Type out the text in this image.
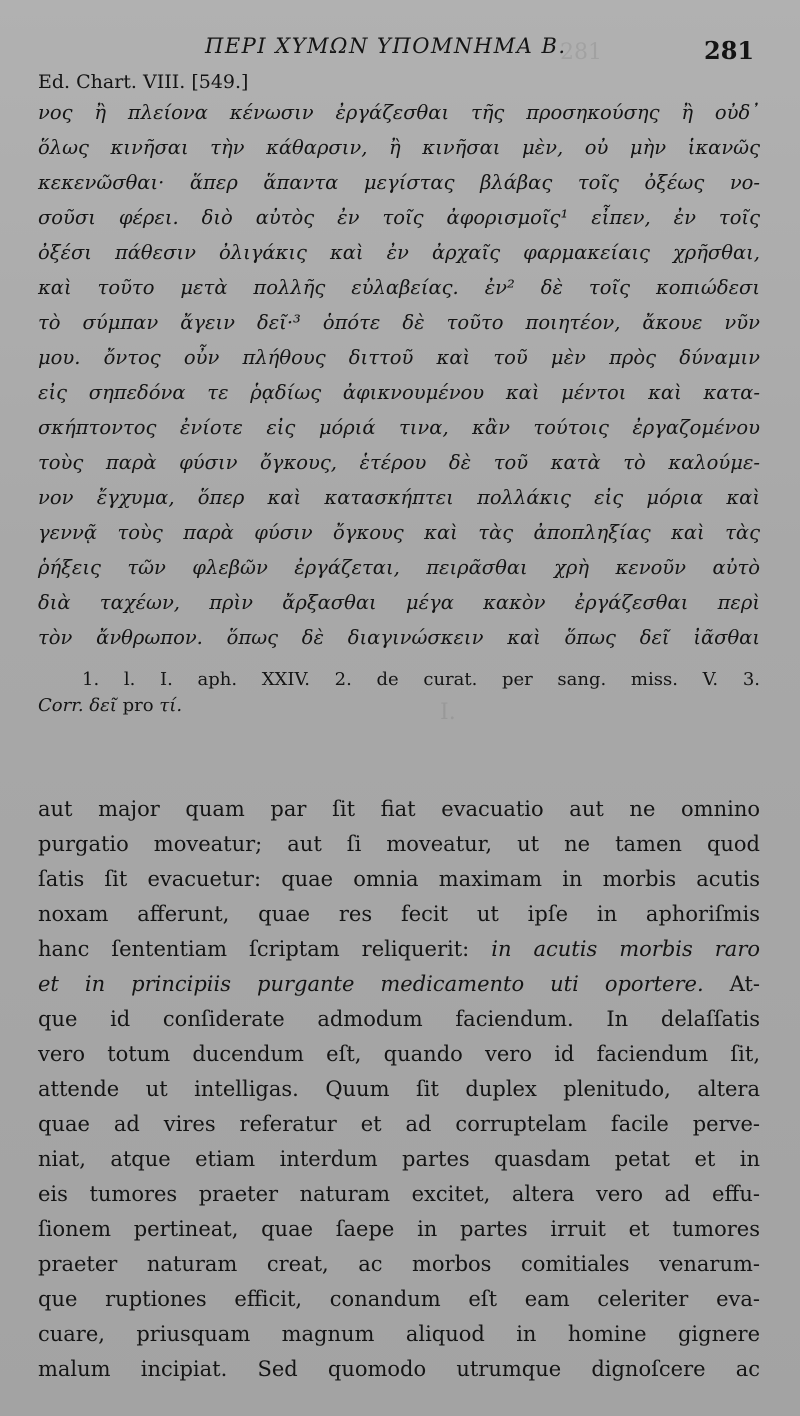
281
I.
ΠΕΡΙ ΧΥΜΩΝ ΥΠΟΜΝΗΜΑ Β.	281
Ed. Chart. VIII. [549.]
νος ἢ πλείονα κένωσιν ἐργάζεσθαι τῆς προσηκούσης ἢ οὐδ᾽
ὅλως κινῆσαι τὴν κάθαρσιν, ἢ κινῆσαι μὲν, οὐ μὴν ἱκανῶς
κεκενῶσθαι· ἅπερ ἅπαντα μεγίστας βλάβας τοῖς ὀξέως νο-
σοῦσι φέρει. διὸ αὐτὸς ἐν τοῖς ἀφορισμοῖς¹ εἶπεν, ἐν τοῖς
ὀξέσι πάθεσιν ὀλιγάκις καὶ ἐν ἀρχαῖς φαρμακείαις χρῆσθαι,
καὶ τοῦτο μετὰ πολλῆς εὐλαβείας. ἐν² δὲ τοῖς κοπιώδεσι
τὸ σύμπαν ἄγειν δεῖ·³ ὁπότε δὲ τοῦτο ποιητέον, ἄκουε νῦν
μου. ὄντος οὖν πλήθους διττοῦ καὶ τοῦ μὲν πρὸς δύναμιν
εἰς σηπεδόνα τε ῥᾳδίως ἀφικνουμένου καὶ μέντοι καὶ κατα-
σκήπτοντος ἐνίοτε εἰς μόριά τινα, κἂν τούτοις ἐργαζομένου
τοὺς παρὰ φύσιν ὄγκους, ἑτέρου δὲ τοῦ κατὰ τὸ καλούμε-
νον ἔγχυμα, ὅπερ καὶ κατασκήπτει πολλάκις εἰς μόρια καὶ
γεννᾷ τοὺς παρὰ φύσιν ὄγκους καὶ τὰς ἀποπληξίας καὶ τὰς
ῥήξεις τῶν φλεβῶν ἐργάζεται, πειρᾶσθαι χρὴ κενοῦν αὐτὸ
διὰ ταχέων, πρὶν ἄρξασθαι μέγα κακὸν ἐργάζεσθαι περὶ
τὸν ἄνθρωπον. ὅπως δὲ διαγινώσκειν καὶ ὅπως δεῖ ἰᾶσθαι
1. l. I. aph. XXIV. 2. de curat. per sang. miss. V. 3.
Corr. δεῖ pro τί.
aut major quam par ſit fiat evacuatio aut ne omnino
purgatio moveatur; aut ſi moveatur, ut ne tamen quod
ſatis ſit evacuetur: quae omnia maximam in morbis acutis
noxam afferunt, quae res fecit ut ipſe in aphoriſmis
hanc ſententiam ſcriptam reliquerit: in acutis morbis raro
et in principiis purgante medicamento uti oportere. At-
que id conſiderate admodum faciendum. In delaſſatis
vero totum ducendum eſt, quando vero id faciendum ſit,
attende ut intelligas. Quum ſit duplex plenitudo, altera
quae ad vires referatur et ad corruptelam facile perve-
niat, atque etiam interdum partes quasdam petat et in
eis tumores praeter naturam excitet, altera vero ad effu-
ſionem pertineat, quae ſaepe in partes irruit et tumores
praeter naturam creat, ac morbos comitiales venarum-
que ruptiones efficit, conandum eſt eam celeriter eva-
cuare, priusquam magnum aliquod in homine gignere
malum incipiat. Sed quomodo utrumque dignoſcere ac
